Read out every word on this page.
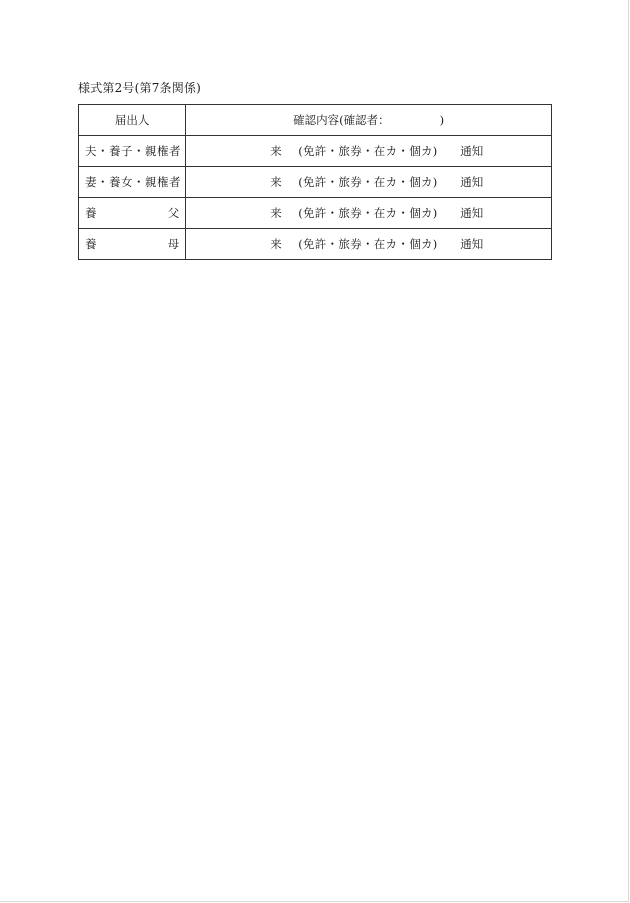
様式第2号(第7条関係)
届出人	確認内容(確認者： )
夫・養子・親権者	来 (免許・旅券・在カ・個カ) 通知

妻・養女・親権者	来 (免許・旅券・在カ・個カ) 通知

養 父	来 (免許・旅券・在カ・個カ) 通知

養 母	来 (免許・旅券・在カ・個カ) 通知
